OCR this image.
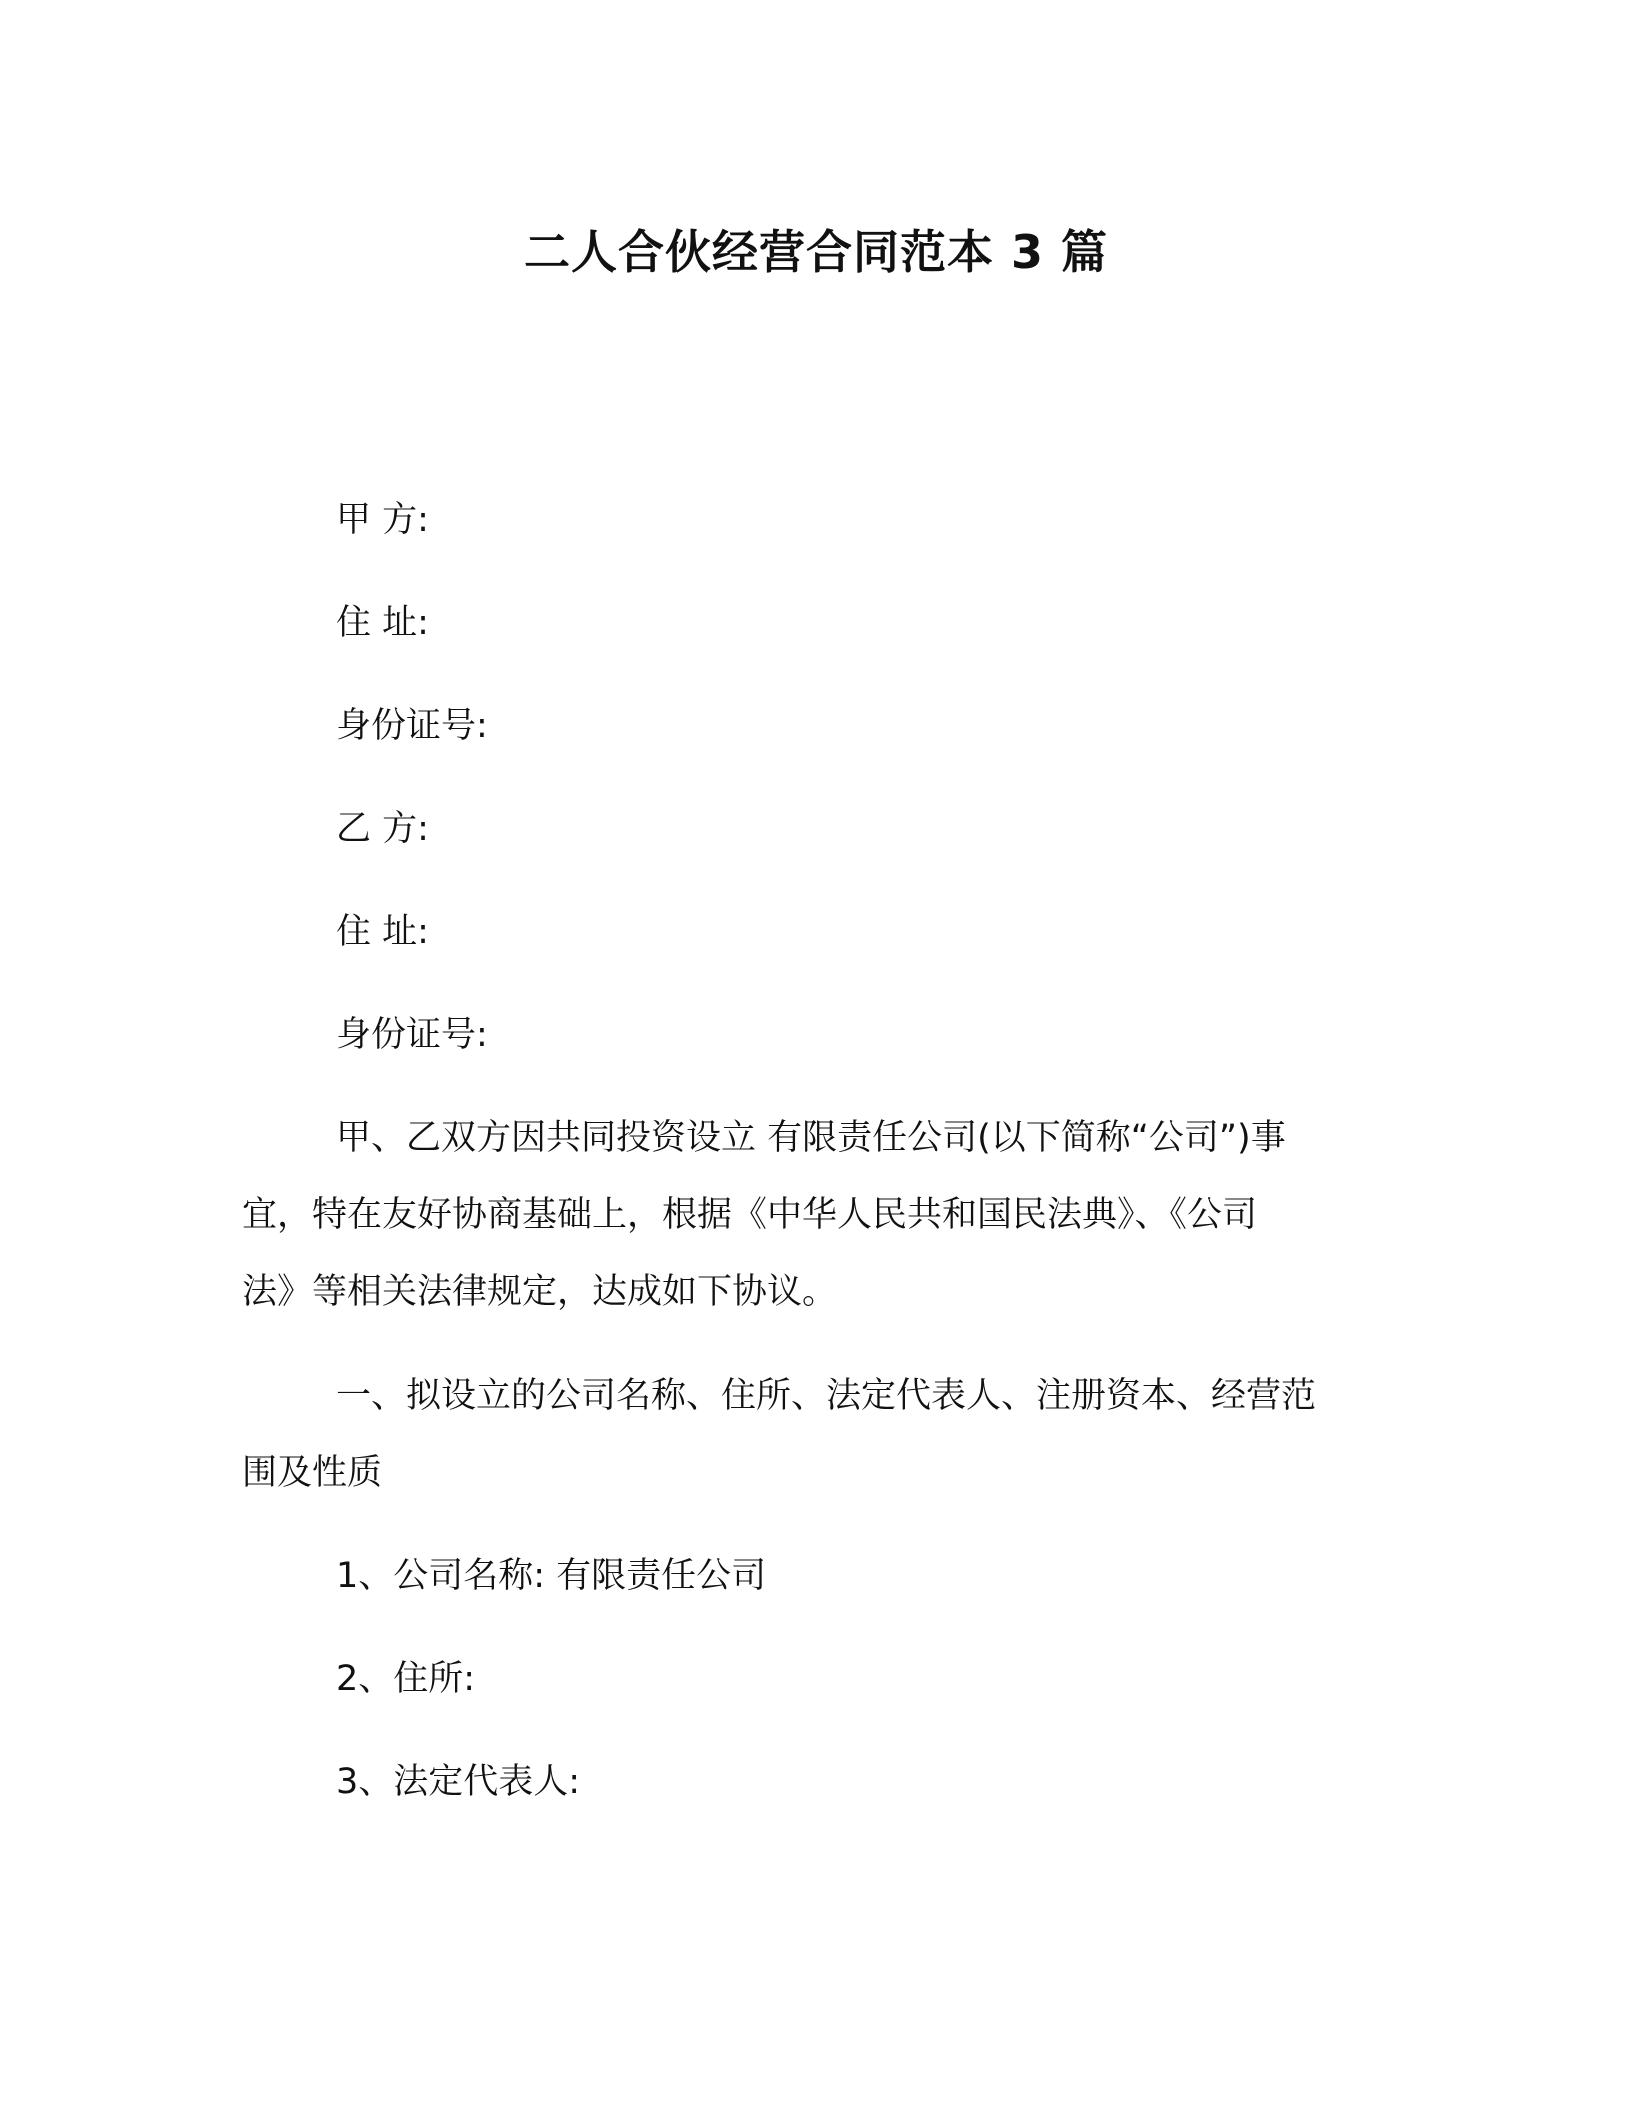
二人合伙经营合同范本 3 篇

甲 方:

住 址:

身份证号:

乙 方:

住 址:

身份证号:

甲、乙双方因共同投资设立 有限责任公司(以下简称“公司”)事

宜，特在友好协商基础上，根据《中华人民共和国民法典》、《公司

法》等相关法律规定，达成如下协议。

一、拟设立的公司名称、住所、法定代表人、注册资本、经营范

围及性质

1、公司名称: 有限责任公司

2、住所:

3、法定代表人:
